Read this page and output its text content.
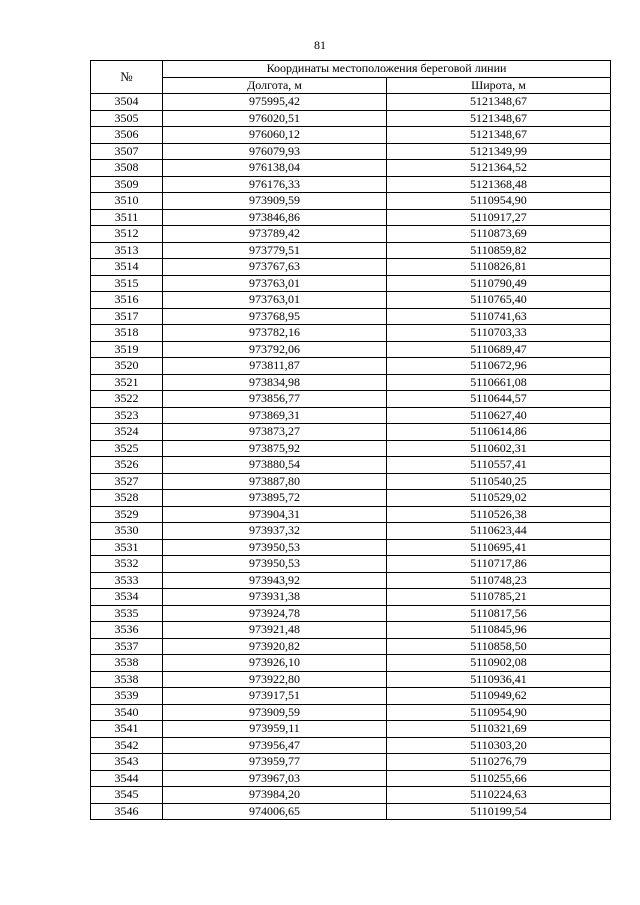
81
№	Координаты местоположения береговой линии	
	Долгота, м	Широта, м
3504	975995,42	5121348,67
3505	976020,51	5121348,67
3506	976060,12	5121348,67
3507	976079,93	5121349,99
3508	976138,04	5121364,52
3509	976176,33	5121368,48
3510	973909,59	5110954,90
3511	973846,86	5110917,27
3512	973789,42	5110873,69
3513	973779,51	5110859,82
3514	973767,63	5110826,81
3515	973763,01	5110790,49
3516	973763,01	5110765,40
3517	973768,95	5110741,63
3518	973782,16	5110703,33
3519	973792,06	5110689,47
3520	973811,87	5110672,96
3521	973834,98	5110661,08
3522	973856,77	5110644,57
3523	973869,31	5110627,40
3524	973873,27	5110614,86
3525	973875,92	5110602,31
3526	973880,54	5110557,41
3527	973887,80	5110540,25
3528	973895,72	5110529,02
3529	973904,31	5110526,38
3530	973937,32	5110623,44
3531	973950,53	5110695,41
3532	973950,53	5110717,86
3533	973943,92	5110748,23
3534	973931,38	5110785,21
3535	973924,78	5110817,56
3536	973921,48	5110845,96
3537	973920,82	5110858,50
3538	973926,10	5110902,08
3538	973922,80	5110936,41
3539	973917,51	5110949,62
3540	973909,59	5110954,90
3541	973959,11	5110321,69
3542	973956,47	5110303,20
3543	973959,77	5110276,79
3544	973967,03	5110255,66
3545	973984,20	5110224,63
3546	974006,65	5110199,54
